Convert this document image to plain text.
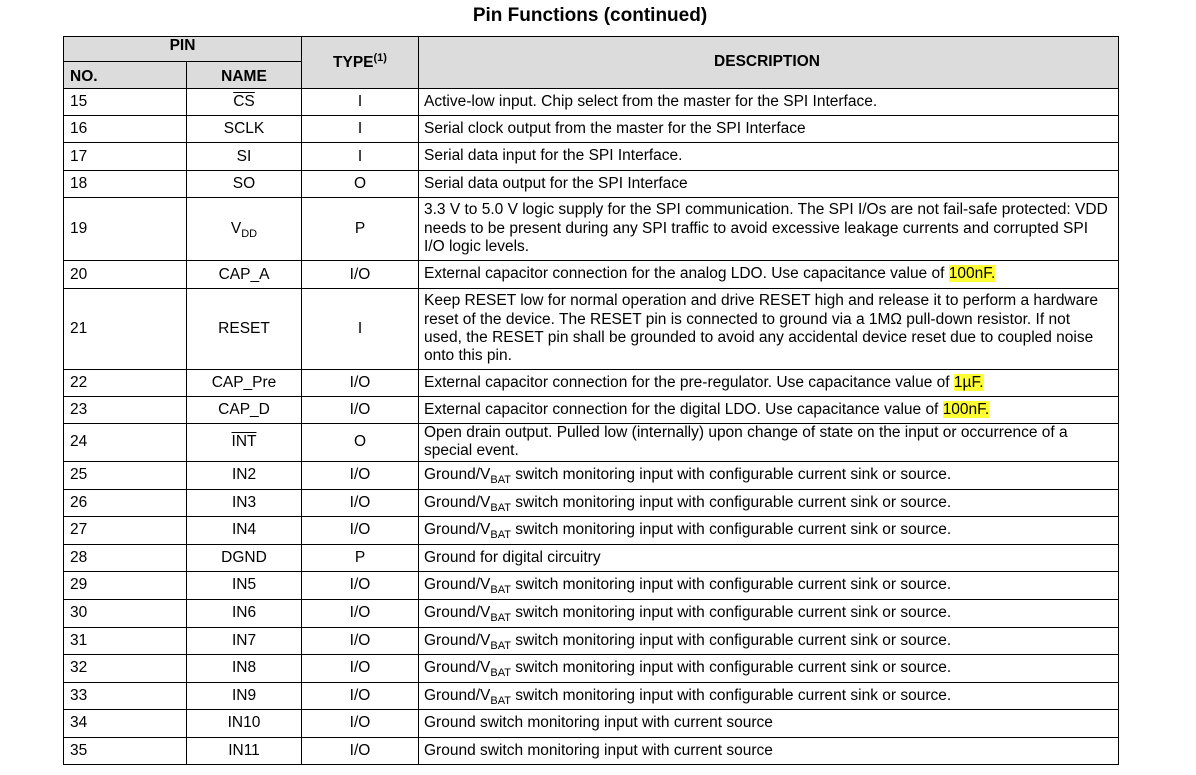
Pin Functions (continued)
PIN		TYPE$^{(1)}$	DESCRIPTION
NO.	NAME		
15	$\overline{CS}$	I	Active-low input. Chip select from the master for the SPI Interface.
16	SCLK	I	Serial clock output from the master for the SPI Interface
17	SI	I	Serial data input for the SPI Interface.
18	SO	O	Serial data output for the SPI Interface
19	$V_{DD}$	P	3.3 V to 5.0 V logic supply for the SPI communication. The SPI I/Os are not fail-safe protected: VDD needs to be present during any SPI traffic to avoid excessive leakage currents and corrupted SPI I/O logic levels.
20	CAP_A	I/O	External capacitor connection for the analog LDO. Use capacitance value of 100nF.
21	RESET	I	Keep RESET low for normal operation and drive RESET high and release it to perform a hardware reset of the device. The RESET pin is connected to ground via a 1MΩ pull-down resistor. If not used, the RESET pin shall be grounded to avoid any accidental device reset due to coupled noise onto this pin.
22	CAP_Pre	I/O	External capacitor connection for the pre-regulator. Use capacitance value of 1µF.
23	CAP_D	I/O	External capacitor connection for the digital LDO. Use capacitance value of 100nF.
24	$\overline{INT}$	O	Open drain output. Pulled low (internally) upon change of state on the input or occurrence of a special event.
25	IN2	I/O	Ground/$V_{BAT}$ switch monitoring input with configurable current sink or source.
26	IN3	I/O	Ground/$V_{BAT}$ switch monitoring input with configurable current sink or source.
27	IN4	I/O	Ground/$V_{BAT}$ switch monitoring input with configurable current sink or source.
28	DGND	P	Ground for digital circuitry
29	IN5	I/O	Ground/$V_{BAT}$ switch monitoring input with configurable current sink or source.
30	IN6	I/O	Ground/$V_{BAT}$ switch monitoring input with configurable current sink or source.
31	IN7	I/O	Ground/$V_{BAT}$ switch monitoring input with configurable current sink or source.
32	IN8	I/O	Ground/$V_{BAT}$ switch monitoring input with configurable current sink or source.
33	IN9	I/O	Ground/$V_{BAT}$ switch monitoring input with configurable current sink or source.
34	IN10	I/O	Ground switch monitoring input with current source
35	IN11	I/O	Ground switch monitoring input with current source
